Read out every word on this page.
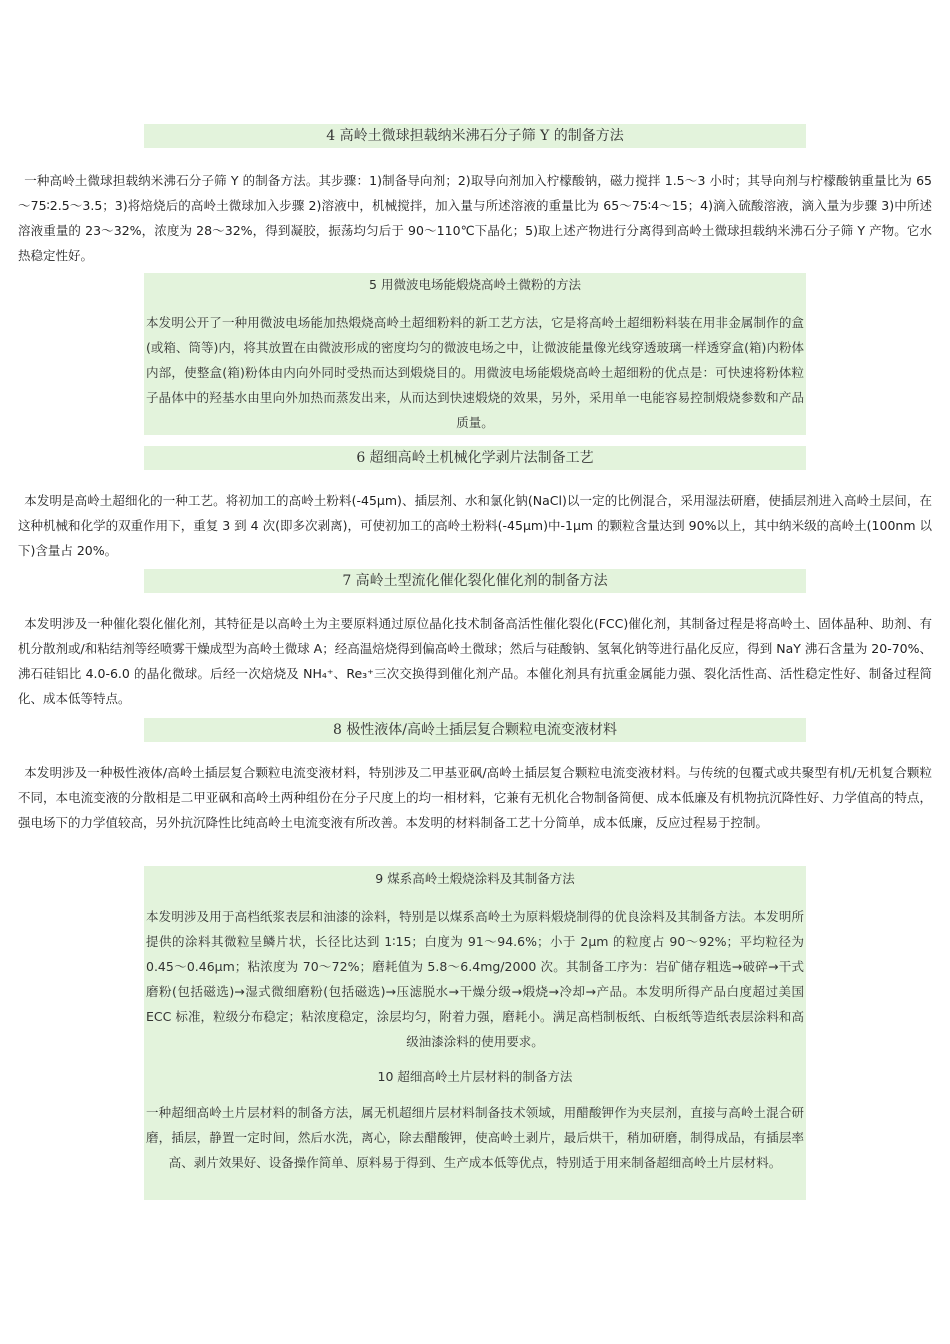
4 高岭土微球担载纳米沸石分子筛 Y 的制备方法
一种高岭土微球担载纳米沸石分子筛 Y 的制备方法。其步骤：1)制备导向剂；2)取导向剂加入柠檬酸钠，磁力搅拌 1.5～3 小时；其导向剂与柠檬酸钠重量比为 65～75∶2.5～3.5；3)将焙烧后的高岭土微球加入步骤 2)溶液中，机械搅拌，加入量与所述溶液的重量比为 65～75∶4～15；4)滴入硫酸溶液，滴入量为步骤 3)中所述溶液重量的 23～32%，浓度为 28～32%，得到凝胶，振荡均匀后于 90～110℃下晶化；5)取上述产物进行分离得到高岭土微球担载纳米沸石分子筛 Y 产物。它水热稳定性好。
5 用微波电场能煅烧高岭土微粉的方法
本发明公开了一种用微波电场能加热煅烧高岭土超细粉料的新工艺方法，它是将高岭土超细粉料装在用非金属制作的盒(或箱、筒等)内，将其放置在由微波形成的密度均匀的微波电场之中，让微波能量像光线穿透玻璃一样透穿盒(箱)内粉体内部，使整盒(箱)粉体由内向外同时受热而达到煅烧目的。用微波电场能煅烧高岭土超细粉的优点是：可快速将粉体粒子晶体中的羟基水由里向外加热而蒸发出来，从而达到快速煅烧的效果，另外，采用单一电能容易控制煅烧参数和产品质量。
6 超细高岭土机械化学剥片法制备工艺
本发明是高岭土超细化的一种工艺。将初加工的高岭土粉料(-45μm)、插层剂、水和氯化钠(NaCl)以一定的比例混合，采用湿法研磨，使插层剂进入高岭土层间，在这种机械和化学的双重作用下，重复 3 到 4 次(即多次剥离)，可使初加工的高岭土粉料(-45μm)中-1μm 的颗粒含量达到 90%以上，其中纳米级的高岭土(100nm 以下)含量占 20%。
7 高岭土型流化催化裂化催化剂的制备方法
本发明涉及一种催化裂化催化剂，其特征是以高岭土为主要原料通过原位晶化技术制备高活性催化裂化(FCC)催化剂，其制备过程是将高岭土、固体晶种、助剂、有机分散剂或/和粘结剂等经喷雾干燥成型为高岭土微球 A；经高温焙烧得到偏高岭土微球；然后与硅酸钠、氢氧化钠等进行晶化反应，得到 NaY 沸石含量为 20-70%、沸石硅铝比 4.0-6.0 的晶化微球。后经一次焙烧及 NH₄⁺、Re₃⁺三次交换得到催化剂产品。本催化剂具有抗重金属能力强、裂化活性高、活性稳定性好、制备过程简化、成本低等特点。
8 极性液体/高岭土插层复合颗粒电流变液材料
本发明涉及一种极性液体/高岭土插层复合颗粒电流变液材料，特别涉及二甲基亚砜/高岭土插层复合颗粒电流变液材料。与传统的包覆式或共聚型有机/无机复合颗粒不同，本电流变液的分散相是二甲亚砜和高岭土两种组份在分子尺度上的均一相材料，它兼有无机化合物制备简便、成本低廉及有机物抗沉降性好、力学值高的特点，强电场下的力学值较高，另外抗沉降性比纯高岭土电流变液有所改善。本发明的材料制备工艺十分简单，成本低廉，反应过程易于控制。
9 煤系高岭土煅烧涂料及其制备方法
本发明涉及用于高档纸浆表层和油漆的涂料，特别是以煤系高岭土为原料煅烧制得的优良涂料及其制备方法。本发明所提供的涂料其微粒呈鳞片状，长径比达到 1∶15；白度为 91～94.6%；小于 2μm 的粒度占 90～92%；平均粒径为 0.45～0.46μm；粘浓度为 70～72%；磨耗值为 5.8～6.4mg/2000 次。其制备工序为：岩矿储存粗选→破碎→干式磨粉(包括磁选)→湿式微细磨粉(包括磁选)→压滤脱水→干燥分级→煅烧→冷却→产品。本发明所得产品白度超过美国 ECC 标准，粒级分布稳定；粘浓度稳定，涂层均匀，附着力强，磨耗小。满足高档制板纸、白板纸等造纸表层涂料和高级油漆涂料的使用要求。
10 超细高岭土片层材料的制备方法
一种超细高岭土片层材料的制备方法，属无机超细片层材料制备技术领域，用醋酸钾作为夹层剂，直接与高岭土混合研磨，插层，静置一定时间，然后水洗，离心，除去醋酸钾，使高岭土剥片，最后烘干，稍加研磨，制得成品，有插层率高、剥片效果好、设备操作简单、原料易于得到、生产成本低等优点，特别适于用来制备超细高岭土片层材料。
